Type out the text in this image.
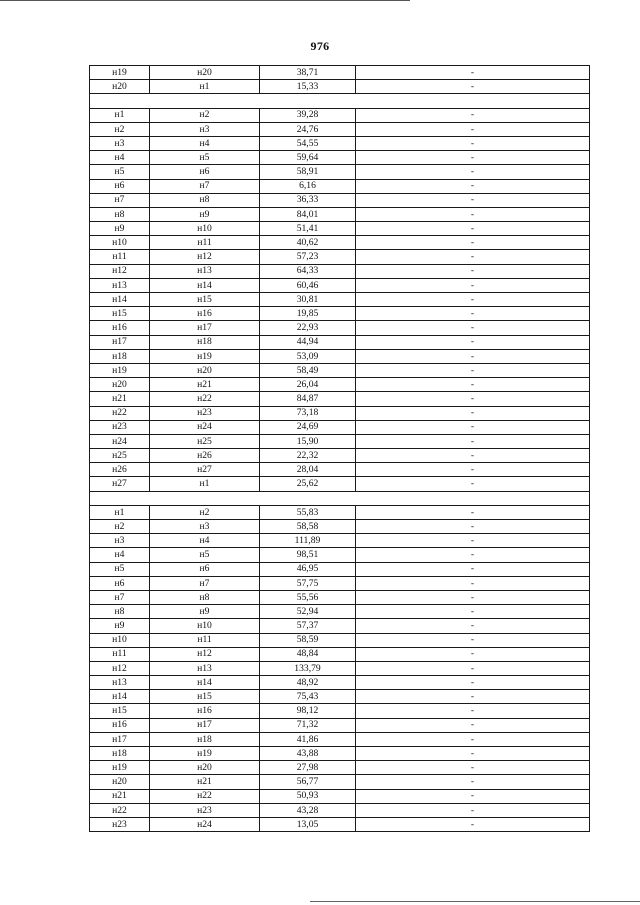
976
н19	н20	38,71	-
н20	н1	15,33	-

н1	н2	39,28	-
н2	н3	24,76	-
н3	н4	54,55	-
н4	н5	59,64	-
н5	н6	58,91	-
н6	н7	6,16	-
н7	н8	36,33	-
н8	н9	84,01	-
н9	н10	51,41	-
н10	н11	40,62	-
н11	н12	57,23	-
н12	н13	64,33	-
н13	н14	60,46	-
н14	н15	30,81	-
н15	н16	19,85	-
н16	н17	22,93	-
н17	н18	44,94	-
н18	н19	53,09	-
н19	н20	58,49	-
н20	н21	26,04	-
н21	н22	84,87	-
н22	н23	73,18	-
н23	н24	24,69	-
н24	н25	15,90	-
н25	н26	22,32	-
н26	н27	28,04	-
н27	н1	25,62	-

н1	н2	55,83	-
н2	н3	58,58	-
н3	н4	111,89	-
н4	н5	98,51	-
н5	н6	46,95	-
н6	н7	57,75	-
н7	н8	55,56	-
н8	н9	52,94	-
н9	н10	57,37	-
н10	н11	58,59	-
н11	н12	48,84	-
н12	н13	133,79	-
н13	н14	48,92	-
н14	н15	75,43	-
н15	н16	98,12	-
н16	н17	71,32	-
н17	н18	41,86	-
н18	н19	43,88	-
н19	н20	27,98	-
н20	н21	56,77	-
н21	н22	50,93	-
н22	н23	43,28	-
н23	н24	13,05	-
